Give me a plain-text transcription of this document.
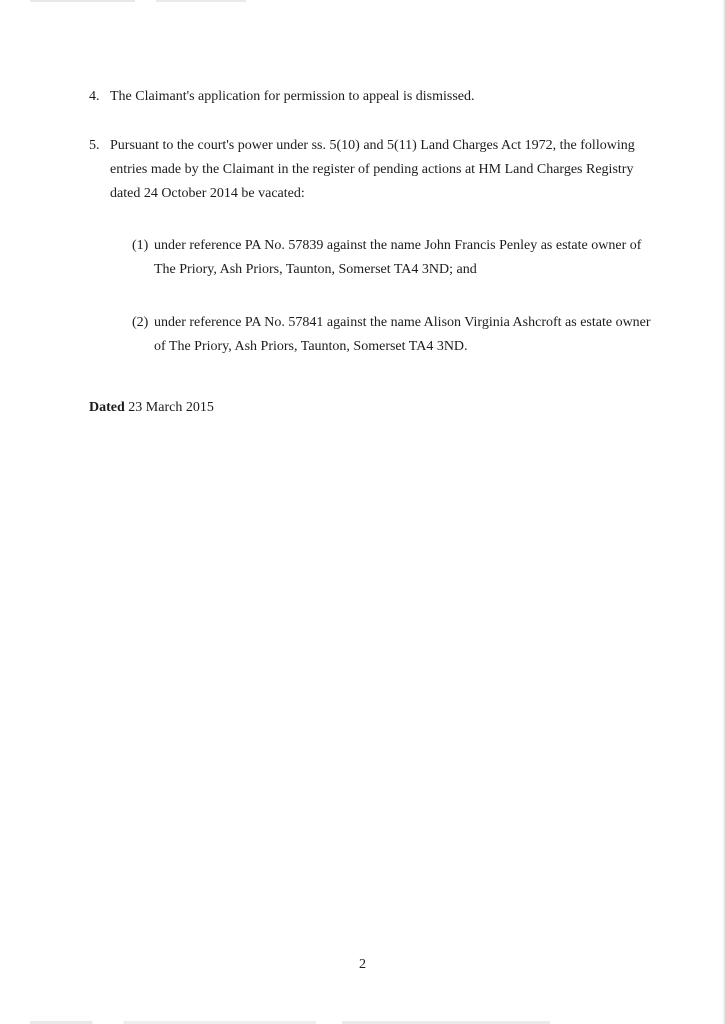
4. The Claimant's application for permission to appeal is dismissed.
5. Pursuant to the court's power under ss. 5(10) and 5(11) Land Charges Act 1972, the following entries made by the Claimant in the register of pending actions at HM Land Charges Registry dated 24 October 2014 be vacated:
(1) under reference PA No. 57839 against the name John Francis Penley as estate owner of The Priory, Ash Priors, Taunton, Somerset TA4 3ND; and
(2) under reference PA No. 57841 against the name Alison Virginia Ashcroft as estate owner of The Priory, Ash Priors, Taunton, Somerset TA4 3ND.
Dated 23 March 2015
2
